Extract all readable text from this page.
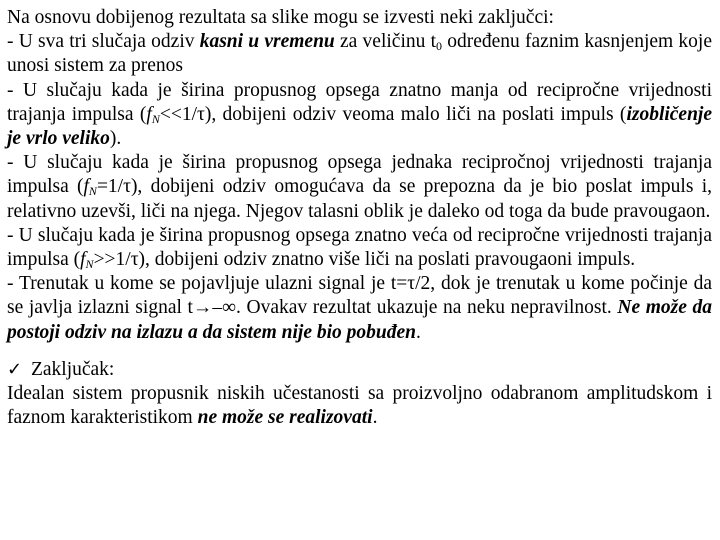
Na osnovu dobijenog rezultata sa slike mogu se izvesti neki zaključci:

- U sva tri slučaja odziv kasni u vremenu za veličinu $t_0$ određenu faznim kasnjenjem koje unosi sistem za prenos

- U slučaju kada je širina propusnog opsega znatno manja od recipročne vrijednosti trajanja impulsa $(f_N<<1/\tau)$, dobijeni odziv veoma malo liči na poslati impuls (izobličenje je vrlo veliko).

- U slučaju kada je širina propusnog opsega jednaka recipročnoj vrijednosti trajanja impulsa $(f_N=1/\tau)$, dobijeni odziv omogućava da se prepozna da je bio poslat impuls i, relativno uzevši, liči na njega. Njegov talasni oblik je daleko od toga da bude pravougaon.

- U slučaju kada je širina propusnog opsega znatno veća od recipročne vrijednosti trajanja impulsa $(f_N>>1/\tau)$, dobijeni odziv znatno više liči na poslati pravougaoni impuls.

- Trenutak u kome se pojavljuje ulazni signal je t=τ/2, dok je trenutak u kome počinje da se javlja izlazni signal t→–∞. Ovakav rezultat ukazuje na neku nepravilnost. Ne može da postoji odziv na izlazu a da sistem nije bio pobuđen.

✓ Zaključak:

Idealan sistem propusnik niskih učestanosti sa proizvoljno odabranom amplitudskom i faznom karakteristikom ne može se realizovati.
